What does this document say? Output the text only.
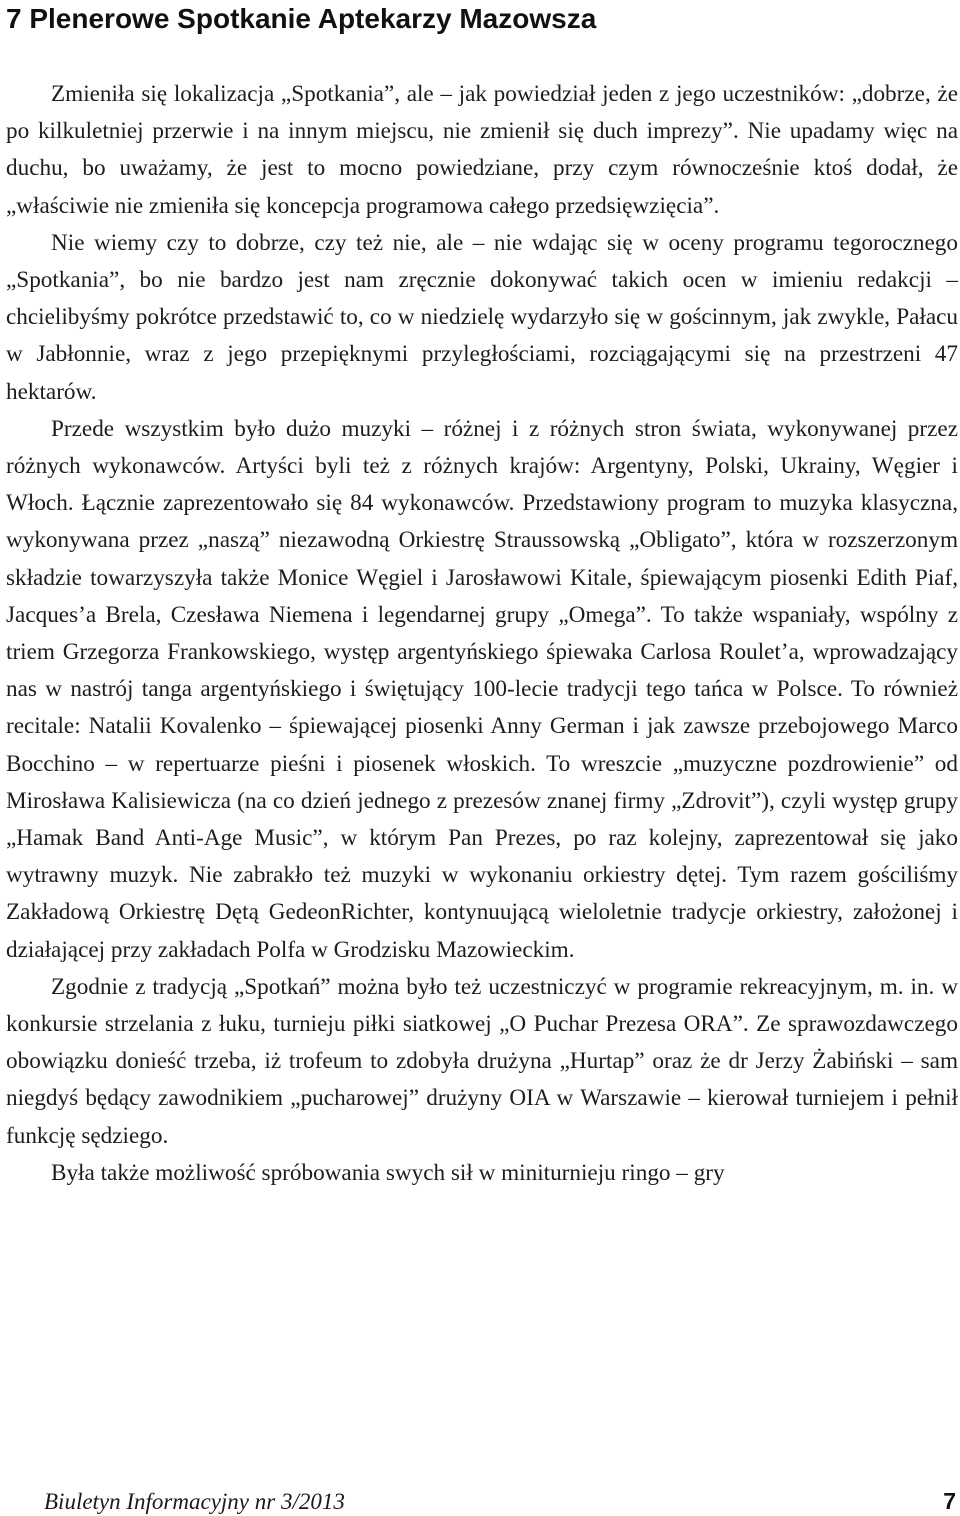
7 Plenerowe Spotkanie Aptekarzy Mazowsza

Zmieniła się lokalizacja „Spotkania”, ale – jak powiedział jeden z jego uczestników: „dobrze, że po kilkuletniej przerwie i na innym miejscu, nie zmienił się duch imprezy”. Nie upadamy więc na duchu, bo uważamy, że jest to mocno powiedziane, przy czym równocześnie ktoś dodał, że „właściwie nie zmieniła się koncepcja programowa całego przedsięwzięcia”.

Nie wiemy czy to dobrze, czy też nie, ale – nie wdając się w oceny programu tegorocznego „Spotkania”, bo nie bardzo jest nam zręcznie dokonywać takich ocen w imieniu redakcji – chcielibyśmy pokrótce przedstawić to, co w niedzielę wydarzyło się w gościnnym, jak zwykle, Pałacu w Jabłonnie, wraz z jego przepięknymi przyległościami, rozciągającymi się na przestrzeni 47 hektarów.

Przede wszystkim było dużo muzyki – różnej i z różnych stron świata, wykonywanej przez różnych wykonawców. Artyści byli też z różnych krajów: Argentyny, Polski, Ukrainy, Węgier i Włoch. Łącznie zaprezentowało się 84 wykonawców. Przedstawiony program to muzyka klasyczna, wykonywana przez „naszą” niezawodną Orkiestrę Straussowską „Obligato”, która w rozszerzonym składzie towarzyszyła także Monice Węgiel i Jarosławowi Kitale, śpiewającym piosenki Edith Piaf, Jacques’a Brela, Czesława Niemena i legendarnej grupy „Omega”. To także wspaniały, wspólny z triem Grzegorza Frankowskiego, występ argentyńskiego śpiewaka Carlosa Roulet’a, wprowadzający nas w nastrój tanga argentyńskiego i świętujący 100-lecie tradycji tego tańca w Polsce. To również recitale: Natalii Kovalenko – śpiewającej piosenki Anny German i jak zawsze przebojowego Marco Bocchino – w repertuarze pieśni i piosenek włoskich. To wreszcie „muzyczne pozdrowienie” od Mirosława Kalisiewicza (na co dzień jednego z prezesów znanej firmy „Zdrovit”), czyli występ grupy „Hamak Band Anti-Age Music”, w którym Pan Prezes, po raz kolejny, zaprezentował się jako wytrawny muzyk. Nie zabrakło też muzyki w wykonaniu orkiestry dętej. Tym razem gościliśmy Zakładową Orkiestrę Dętą GedeonRichter, kontynuującą wieloletnie tradycje orkiestry, założonej i działającej przy zakładach Polfa w Grodzisku Mazowieckim.

Zgodnie z tradycją „Spotkań” można było też uczestniczyć w programie rekreacyjnym, m. in. w konkursie strzelania z łuku, turnieju piłki siatkowej „O Puchar Prezesa ORA”. Ze sprawozdawczego obowiązku donieść trzeba, iż trofeum to zdobyła drużyna „Hurtap” oraz że dr Jerzy Żabiński – sam niegdyś będący zawodnikiem „pucharowej” drużyny OIA w Warszawie – kierował turniejem i pełnił funkcję sędziego.

Była także możliwość spróbowania swych sił w miniturnieju ringo – gry

Biuletyn Informacyjny nr 3/2013	7
